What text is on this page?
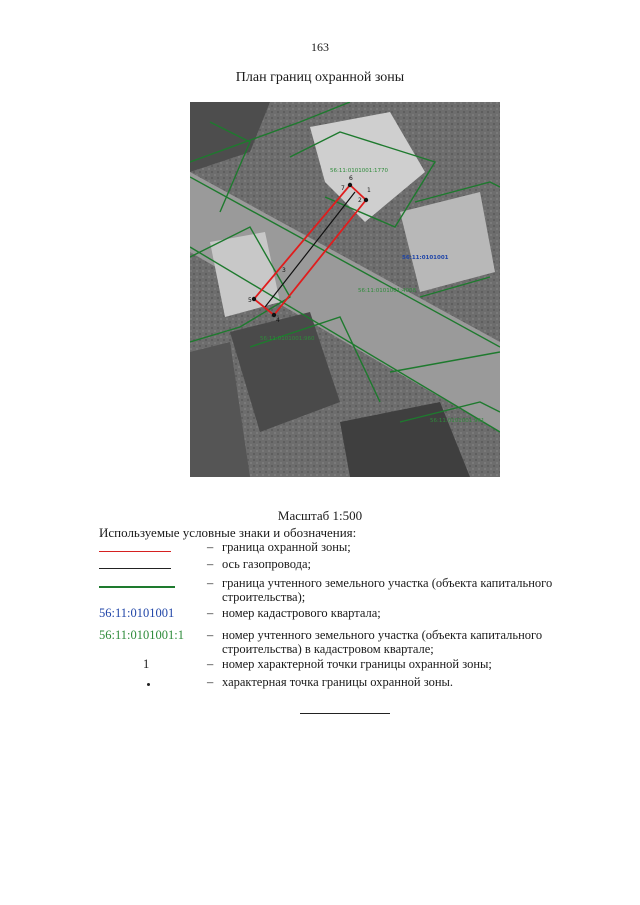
163
План границ охранной зоны
6
7	1
2
4
5
3
56:11:0101001:1770
56:11:0101001
56:11:0101001:4008
56:11:0101001:960
56:11:0101001:961
Масштаб 1:500
Используемые условные знаки и обозначения:
– граница охранной зоны;
– ось газопровода;
– граница учтенного земельного участка (объекта капитального строительства);
56:11:0101001	– номер кадастрового квартала;
56:11:0101001:1	– номер учтенного земельного участка (объекта капитального строительства) в кадастровом квартале;
1	– номер характерной точки границы охранной зоны;
– характерная точка границы охранной зоны.
